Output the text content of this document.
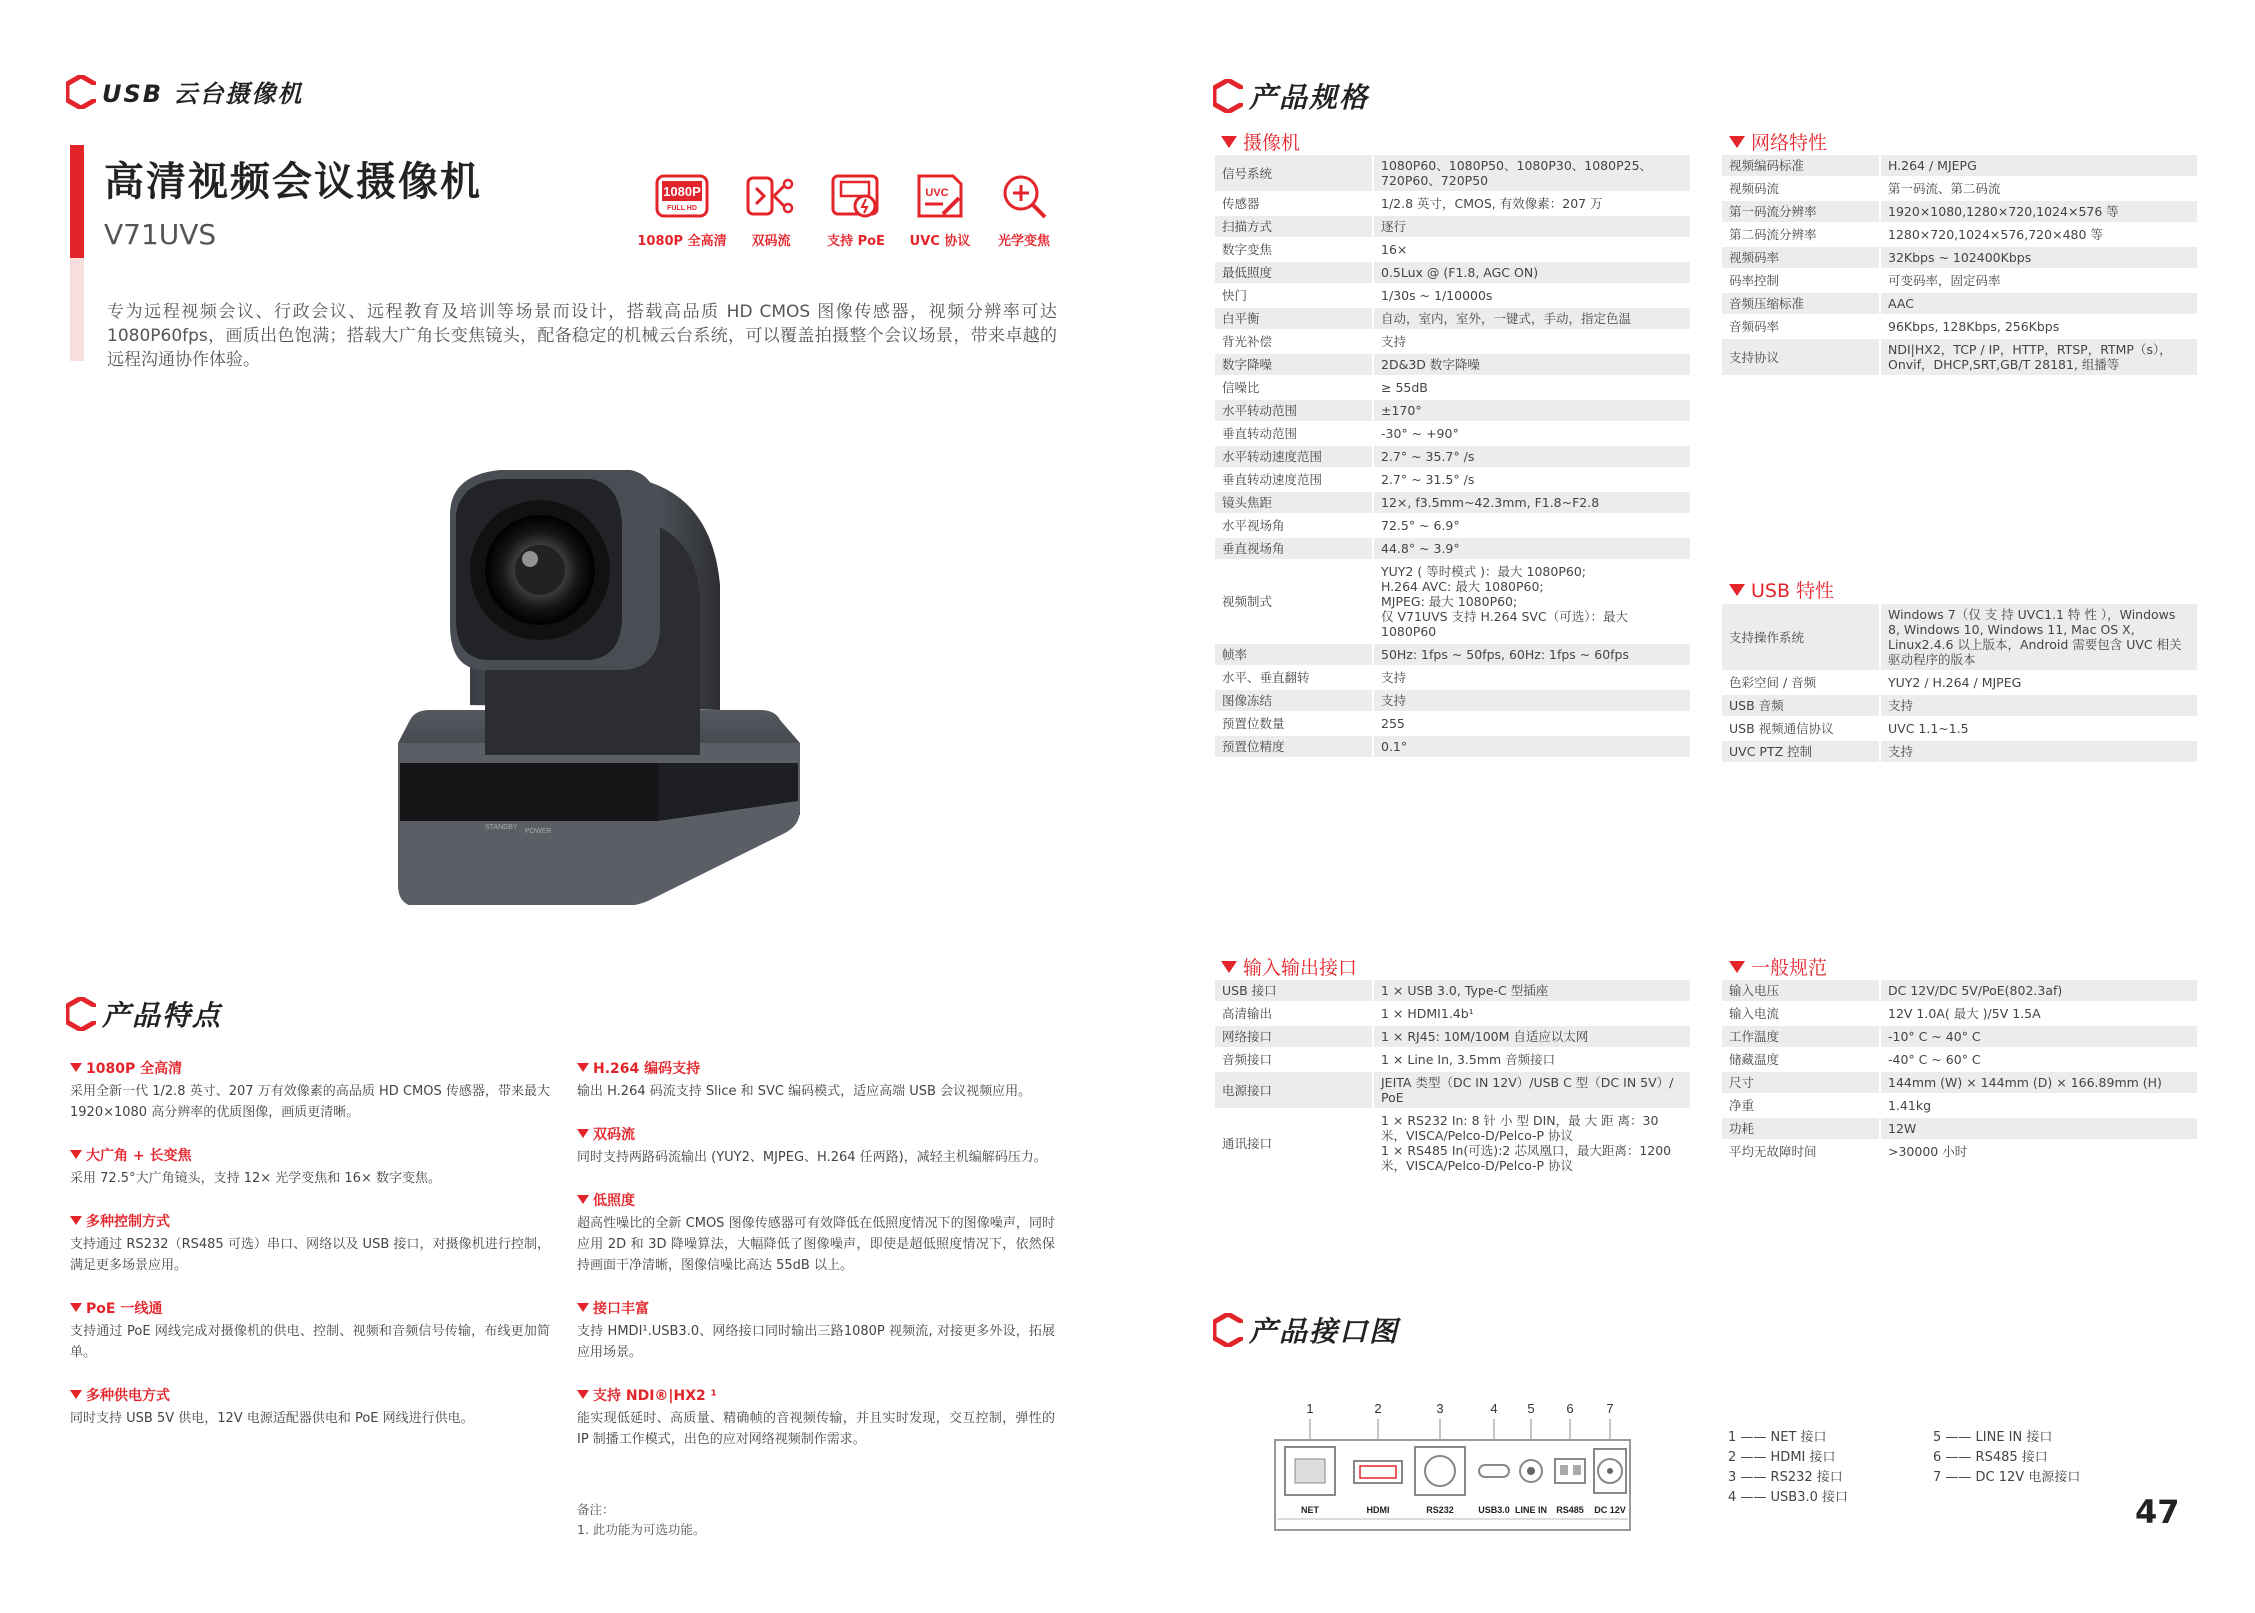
USB 云台摄像机
高清视频会议摄像机
V71UVS
1080P
FULL HD
1080P 全高清	双码流	支持 PoE
UVC
UVC 协议	光学变焦
专为远程视频会议、行政会议、远程教育及培训等场景而设计，搭载高品质 HD CMOS 图像传感器，视频分辨率可达 1080P60fps，画质出色饱满；搭载大广角长变焦镜头，配备稳定的机械云台系统，可以覆盖拍摄整个会议场景，带来卓越的远程沟通协作体验。
STANDBY
POWER
产品特点
1080P 全高清

采用全新一代 1/2.8 英寸、207 万有效像素的高品质 HD CMOS 传感器，带来最大 1920×1080 高分辨率的优质图像，画质更清晰。

大广角 + 长变焦

采用 72.5°大广角镜头，支持 12× 光学变焦和 16× 数字变焦。

多种控制方式

支持通过 RS232（RS485 可选）串口、网络以及 USB 接口，对摄像机进行控制，满足更多场景应用。

PoE 一线通

支持通过 PoE 网线完成对摄像机的供电、控制、视频和音频信号传输，布线更加简单。

多种供电方式

同时支持 USB 5V 供电，12V 电源适配器供电和 PoE 网线进行供电。

H.264 编码支持

输出 H.264 码流支持 Slice 和 SVC 编码模式，适应高端 USB 会议视频应用。

双码流

同时支持两路码流输出 (YUY2、MJPEG、H.264 任两路)，减轻主机编解码压力。

低照度

超高性噪比的全新 CMOS 图像传感器可有效降低在低照度情况下的图像噪声，同时应用 2D 和 3D 降噪算法，大幅降低了图像噪声，即使是超低照度情况下，依然保持画面干净清晰，图像信噪比高达 55dB 以上。

接口丰富

支持 HMDI¹.USB3.0、网络接口同时输出三路1080P 视频流, 对接更多外设，拓展应用场景。

支持 NDI®|HX2 ¹

能实现低延时、高质量、精确帧的音视频传输，并且实时发现，交互控制，弹性的 IP 制播工作模式，出色的应对网络视频制作需求。

备注：
1. 此功能为可选功能。
产品规格
摄像机
信号系统	1080P60、1080P50、1080P30、1080P25、720P60、720P50
传感器	1/2.8 英寸，CMOS, 有效像素：207 万
扫描方式	逐行
数字变焦	16×
最低照度	0.5Lux @ (F1.8, AGC ON)
快门	1/30s ~ 1/10000s
白平衡	自动，室内，室外，一键式，手动，指定色温
背光补偿	支持
数字降噪	2D&3D 数字降噪
信噪比	≥ 55dB
水平转动范围	±170°
垂直转动范围	-30° ~ +90°
水平转动速度范围	2.7° ~ 35.7° /s
垂直转动速度范围	2.7° ~ 31.5° /s
镜头焦距	12×, f3.5mm~42.3mm, F1.8~F2.8
水平视场角	72.5° ~ 6.9°
垂直视场角	44.8° ~ 3.9°
视频制式	YUY2 ( 等时模式 )：最大 1080P60;
H.264 AVC: 最大 1080P60;
MJPEG: 最大 1080P60;
仅 V71UVS 支持 H.264 SVC（可选）：最大 1080P60
帧率	50Hz: 1fps ~ 50fps, 60Hz: 1fps ~ 60fps
水平、垂直翻转	支持
图像冻结	支持
预置位数量	255
预置位精度	0.1°
网络特性
视频编码标准	H.264 / MJEPG
视频码流	第一码流、第二码流
第一码流分辨率	1920×1080,1280×720,1024×576 等
第二码流分辨率	1280×720,1024×576,720×480 等
视频码率	32Kbps ~ 102400Kbps
码率控制	可变码率，固定码率
音频压缩标准	AAC
音频码率	96Kbps, 128Kbps, 256Kbps
支持协议	NDI|HX2，TCP / IP，HTTP，RTSP，RTMP（s），Onvif，DHCP,SRT,GB/T 28181, 组播等
USB 特性
支持操作系统	Windows 7（仅 支 持 UVC1.1 特 性 ），Windows 8, Windows 10, Windows 11, Mac OS X, Linux2.4.6 以上版本，Android 需要包含 UVC 相关驱动程序的版本
色彩空间 / 音频	YUY2 / H.264 / MJPEG
USB 音频	支持
USB 视频通信协议	UVC 1.1~1.5
UVC PTZ 控制	支持
输入输出接口
USB 接口	1 × USB 3.0, Type-C 型插座
高清输出	1 × HDMI1.4b¹
网络接口	1 × RJ45: 10M/100M 自适应以太网
音频接口	1 × Line In, 3.5mm 音频接口
电源接口	JEITA 类型（DC IN 12V）/USB C 型（DC IN 5V）/ PoE
通讯接口	1 × RS232 In: 8 针 小 型 DIN，最 大 距 离：30 米，VISCA/Pelco-D/Pelco-P 协议
1 × RS485 In(可选):2 芯凤凰口，最大距离：1200 米，VISCA/Pelco-D/Pelco-P 协议
一般规范
输入电压	DC 12V/DC 5V/PoE(802.3af)
输入电流	12V 1.0A( 最大 )/5V 1.5A
工作温度	-10° C ~ 40° C
储藏温度	-40° C ~ 60° C
尺寸	144mm (W) × 144mm (D) × 166.89mm (H)
净重	1.41kg
功耗	12W
平均无故障时间	>30000 小时
产品接口图
1	2	3	4 5 6	7
NET	HDMI	RS232	USB3.0 LINE IN RS485 DC 12V
1 —— NET 接口
2 —— HDMI 接口
3 —— RS232 接口
4 —— USB3.0 接口
5 —— LINE IN 接口
6 —— RS485 接口
7 —— DC 12V 电源接口
47
